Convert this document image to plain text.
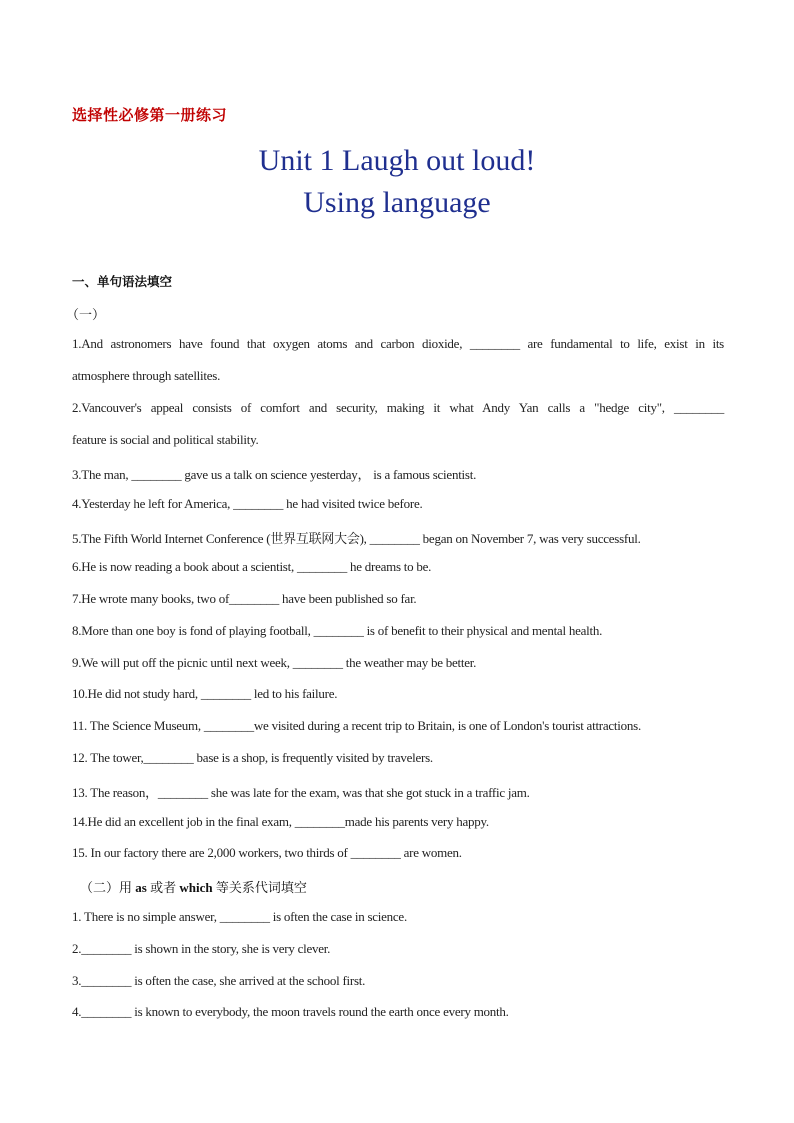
选择性必修第一册练习
Unit 1 Laugh out loud!
Using language
一、单句语法填空
（一）
1.And astronomers have found that oxygen atoms and carbon dioxide, ________ are fundamental to life, exist in its
atmosphere through satellites.
2.Vancouver's appeal consists of comfort and security, making it what Andy Yan calls a "hedge city", ________
feature is social and political stability.
3.The man, ________ gave us a talk on science yesterday， is a famous scientist.
4.Yesterday he left for America, ________ he had visited twice before.
5.The Fifth World Internet Conference (世界互联网大会), ________ began on November 7, was very successful.
6.He is now reading a book about a scientist, ________ he dreams to be.
7.He wrote many books, two of________ have been published so far.
8.More than one boy is fond of playing football, ________ is of benefit to their physical and mental health.
9.We will put off the picnic until next week, ________ the weather may be better.
10.He did not study hard, ________ led to his failure.
11. The Science Museum, ________we visited during a recent trip to Britain, is one of London's tourist attractions.
12. The tower,________ base is a shop, is frequently visited by travelers.
13. The reason，________ she was late for the exam, was that she got stuck in a traffic jam.
14.He did an excellent job in the final exam, ________made his parents very happy.
15. In our factory there are 2,000 workers, two thirds of ________ are women.
（二）用 as 或者 which 等关系代词填空
1. There is no simple answer, ________ is often the case in science.
2.________ is shown in the story, she is very clever.
3.________ is often the case, she arrived at the school first.
4.________ is known to everybody, the moon travels round the earth once every month.
